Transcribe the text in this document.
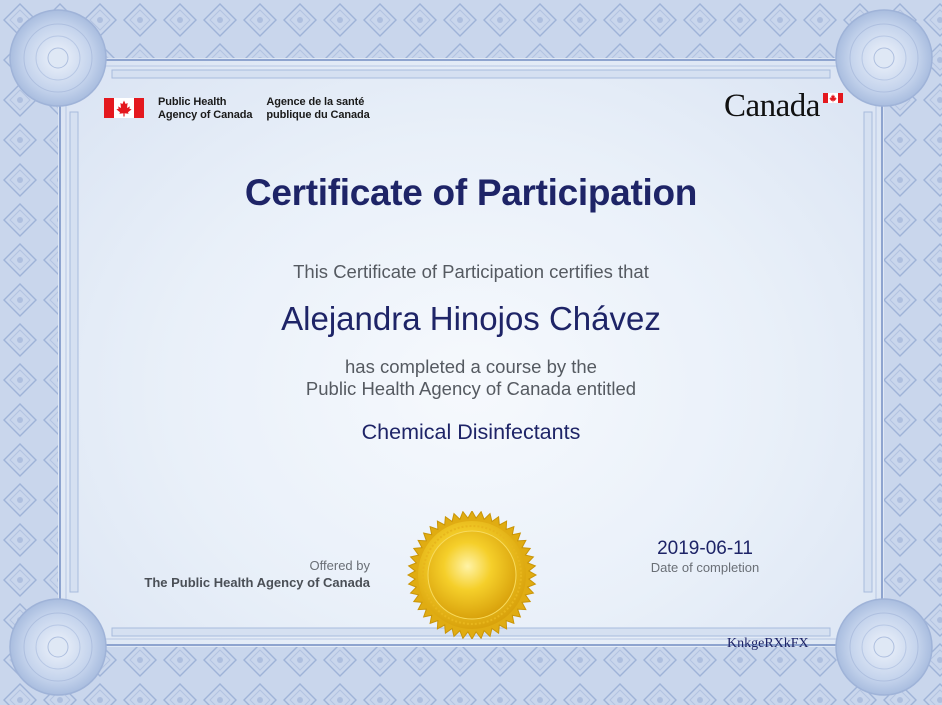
Public Health
Agency of Canada
Agence de la santé
publique du Canada	Canada
Certificate of Participation
This Certificate of Participation certifies that
Alejandra Hinojos Chávez
has completed a course by the
Public Health Agency of Canada entitled
Chemical Disinfectants
Offered by
The Public Health Agency of Canada
2019-06-11
Date of completion
KnkgeRXkFX
